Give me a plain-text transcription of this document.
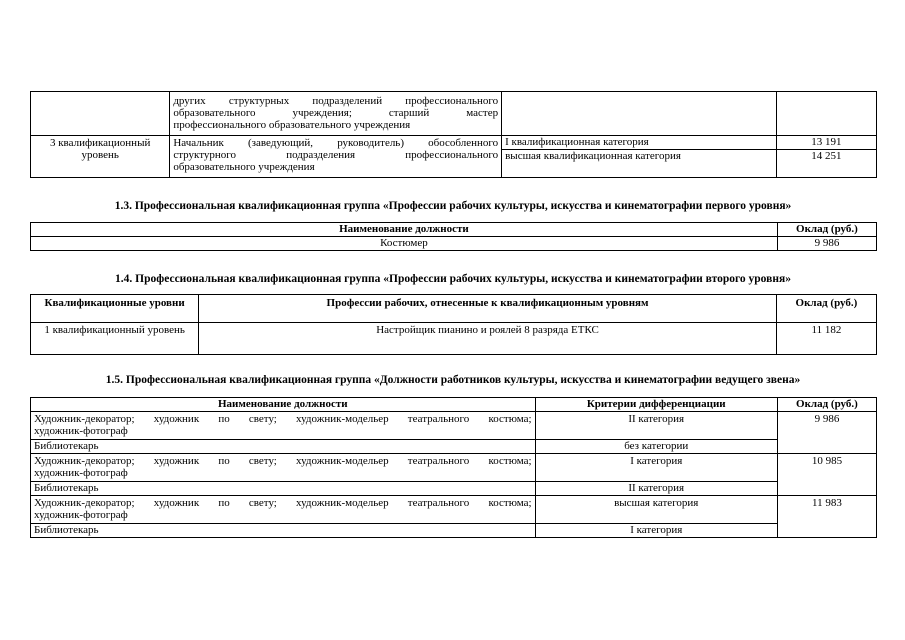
	других структурных подразделений профессионального
образовательного учреждения; старший мастер
профессионального образовательного учреждения		

3 квалификационный уровень	Начальник (заведующий, руководитель) обособленного
структурного подразделения профессионального
образовательного учреждения	I квалификационная категория	13 191
		высшая квалификационная категория	14 251
1.3. Профессиональная квалификационная группа «Профессии рабочих культуры, искусства и кинематографии первого уровня»
Наименование должности	Оклад (руб.)
Костюмер	9 986
1.4. Профессиональная квалификационная группа «Профессии рабочих культуры, искусства и кинематографии второго уровня»
Квалификационные уровни	Профессии рабочих, отнесенные к квалификационным уровням	Оклад (руб.)
1 квалификационный уровень	Настройщик пианино и роялей 8 разряда ЕТКС	11 182
1.5. Профессиональная квалификационная группа «Должности работников культуры, искусства и кинематографии ведущего звена»
Наименование должности	Критерии дифференциации	Оклад (руб.)

Художник-декоратор; художник по свету; художник-модельер театрального костюма;
художник-фотограф	II категория	9 986
Библиотекарь	без категории	

Художник-декоратор; художник по свету; художник-модельер театрального костюма;
художник-фотограф	I категория	10 985
Библиотекарь	II категория	

Художник-декоратор; художник по свету; художник-модельер театрального костюма;
художник-фотограф	высшая категория	11 983
Библиотекарь	I категория	
